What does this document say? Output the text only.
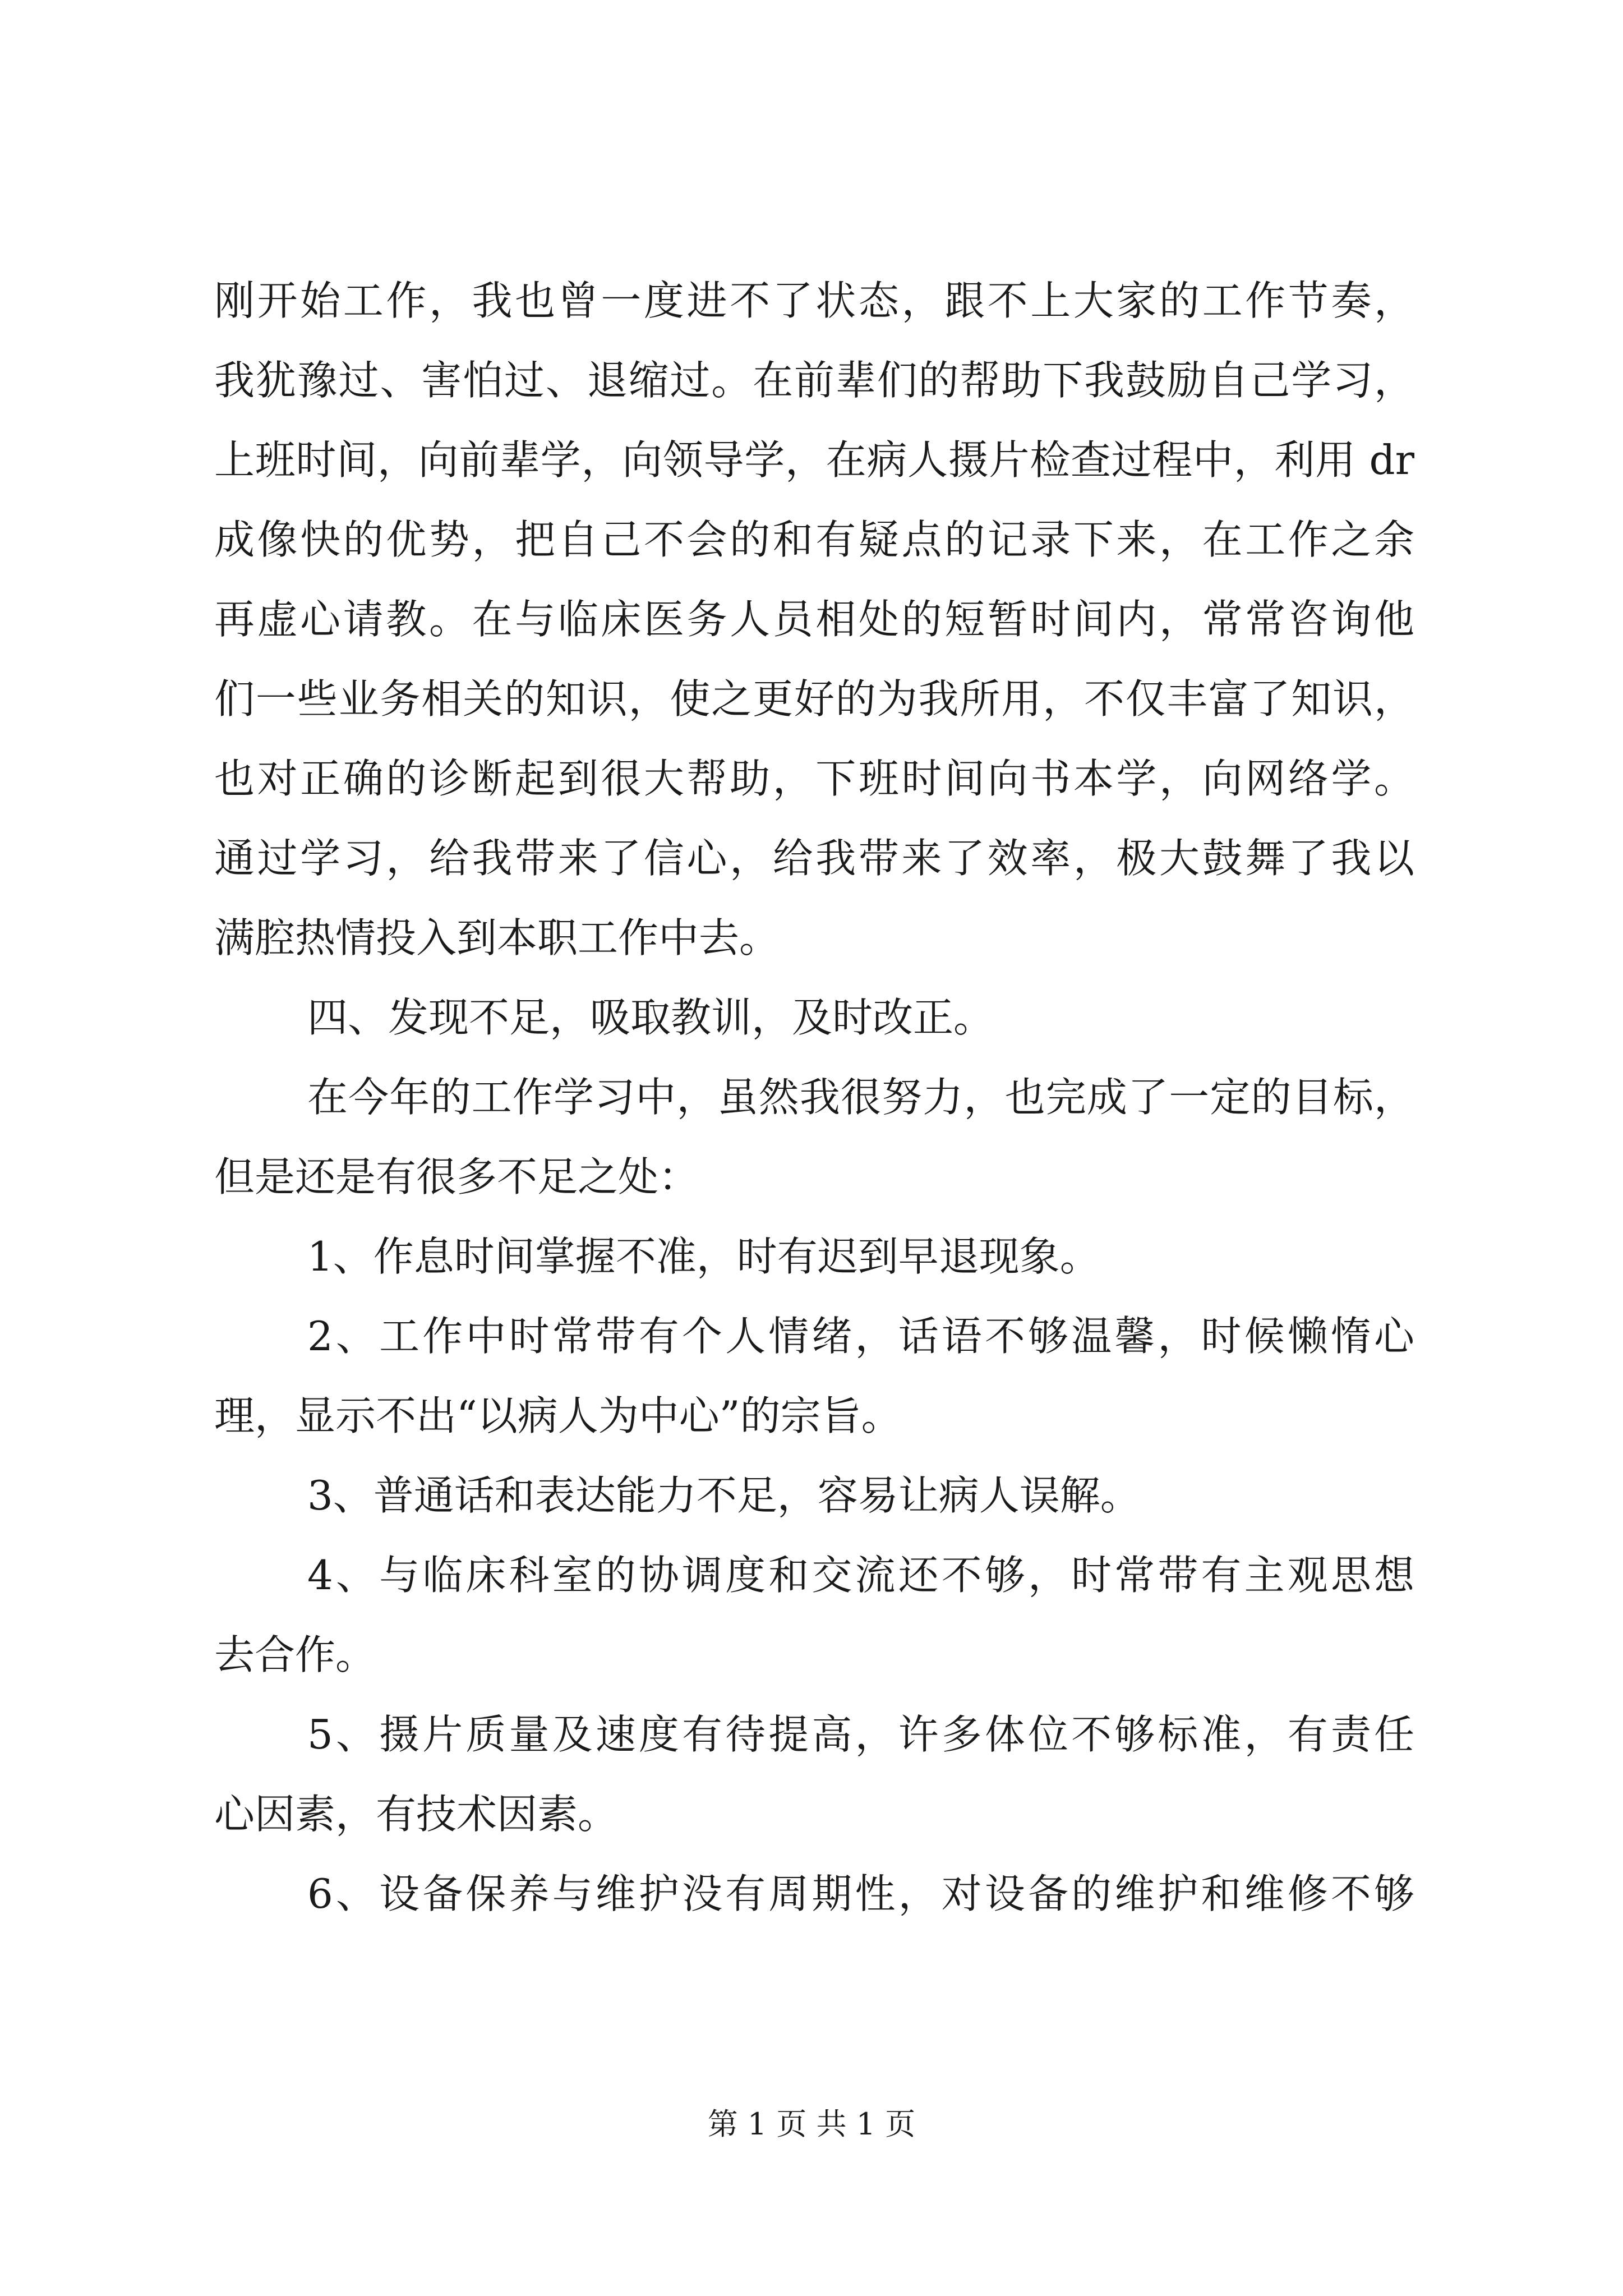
刚开始工作，我也曾一度进不了状态，跟不上大家的工作节奏，
我犹豫过、害怕过、退缩过。在前辈们的帮助下我鼓励自己学习，
上班时间，向前辈学，向领导学，在病人摄片检查过程中，利用 dr
成像快的优势，把自己不会的和有疑点的记录下来，在工作之余
再虚心请教。在与临床医务人员相处的短暂时间内，常常咨询他
们一些业务相关的知识，使之更好的为我所用，不仅丰富了知识，
也对正确的诊断起到很大帮助，下班时间向书本学，向网络学。
通过学习，给我带来了信心，给我带来了效率，极大鼓舞了我以
满腔热情投入到本职工作中去。
四、发现不足，吸取教训，及时改正。
在今年的工作学习中，虽然我很努力，也完成了一定的目标，
但是还是有很多不足之处：
1、作息时间掌握不准，时有迟到早退现象。
2、工作中时常带有个人情绪，话语不够温馨，时候懒惰心
理，显示不出“以病人为中心”的宗旨。
3、普通话和表达能力不足，容易让病人误解。
4、与临床科室的协调度和交流还不够，时常带有主观思想
去合作。
5、摄片质量及速度有待提高，许多体位不够标准，有责任
心因素，有技术因素。
6、设备保养与维护没有周期性，对设备的维护和维修不够
第 1 页 共 1 页
